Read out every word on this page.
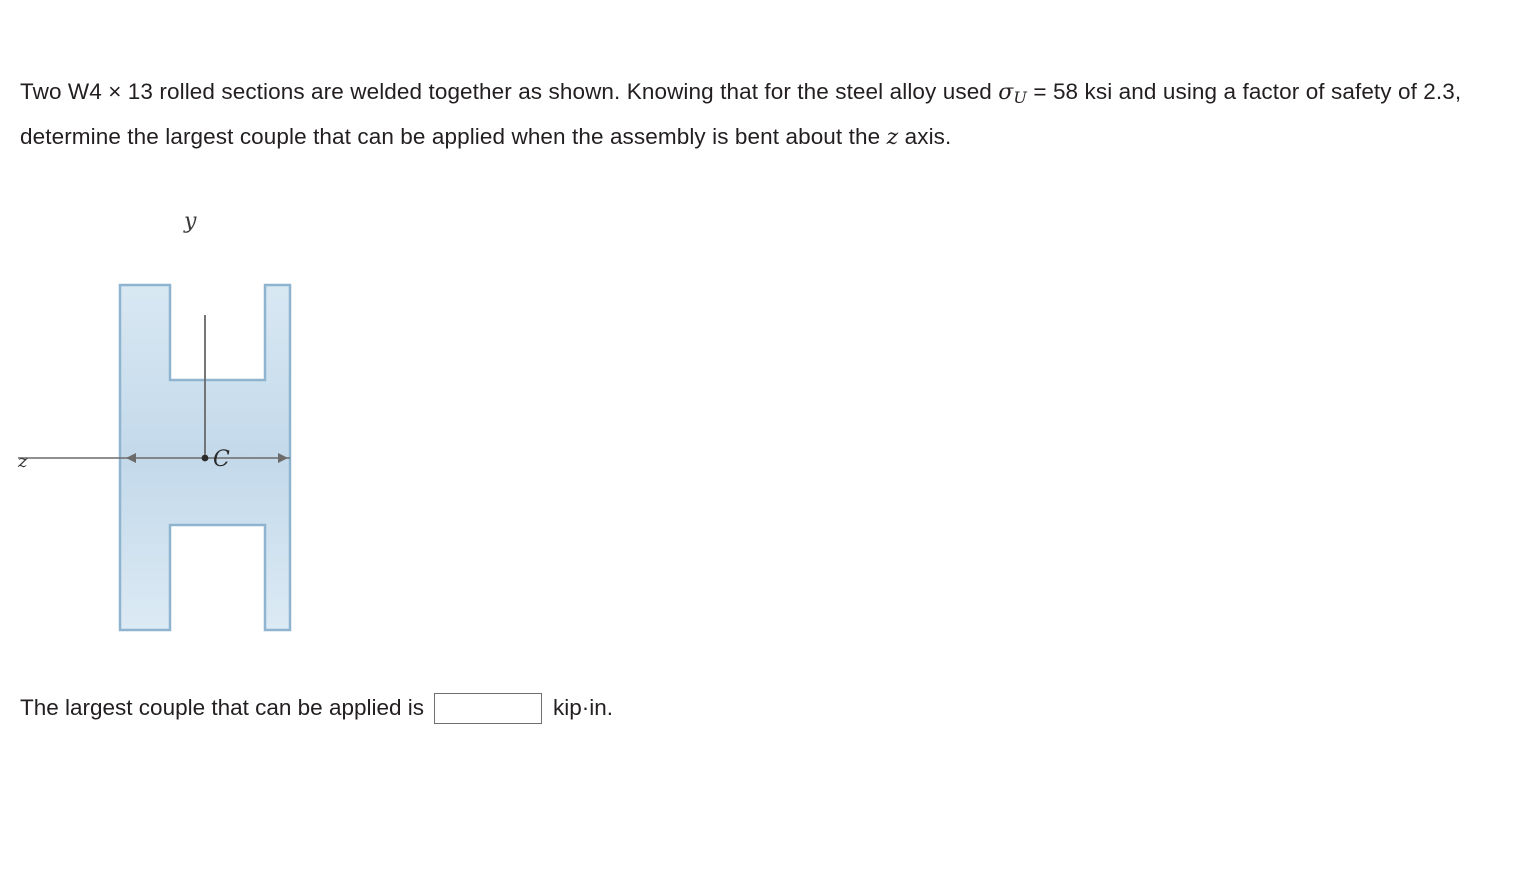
Two W4 × 13 rolled sections are welded together as shown. Knowing that for the steel alloy used $\sigma_U = 58$ ksi and using a factor of safety of 2.3, determine the largest couple that can be applied when the assembly is bent about the z axis.
y
z	C
The largest couple that can be applied is	kip·in.
